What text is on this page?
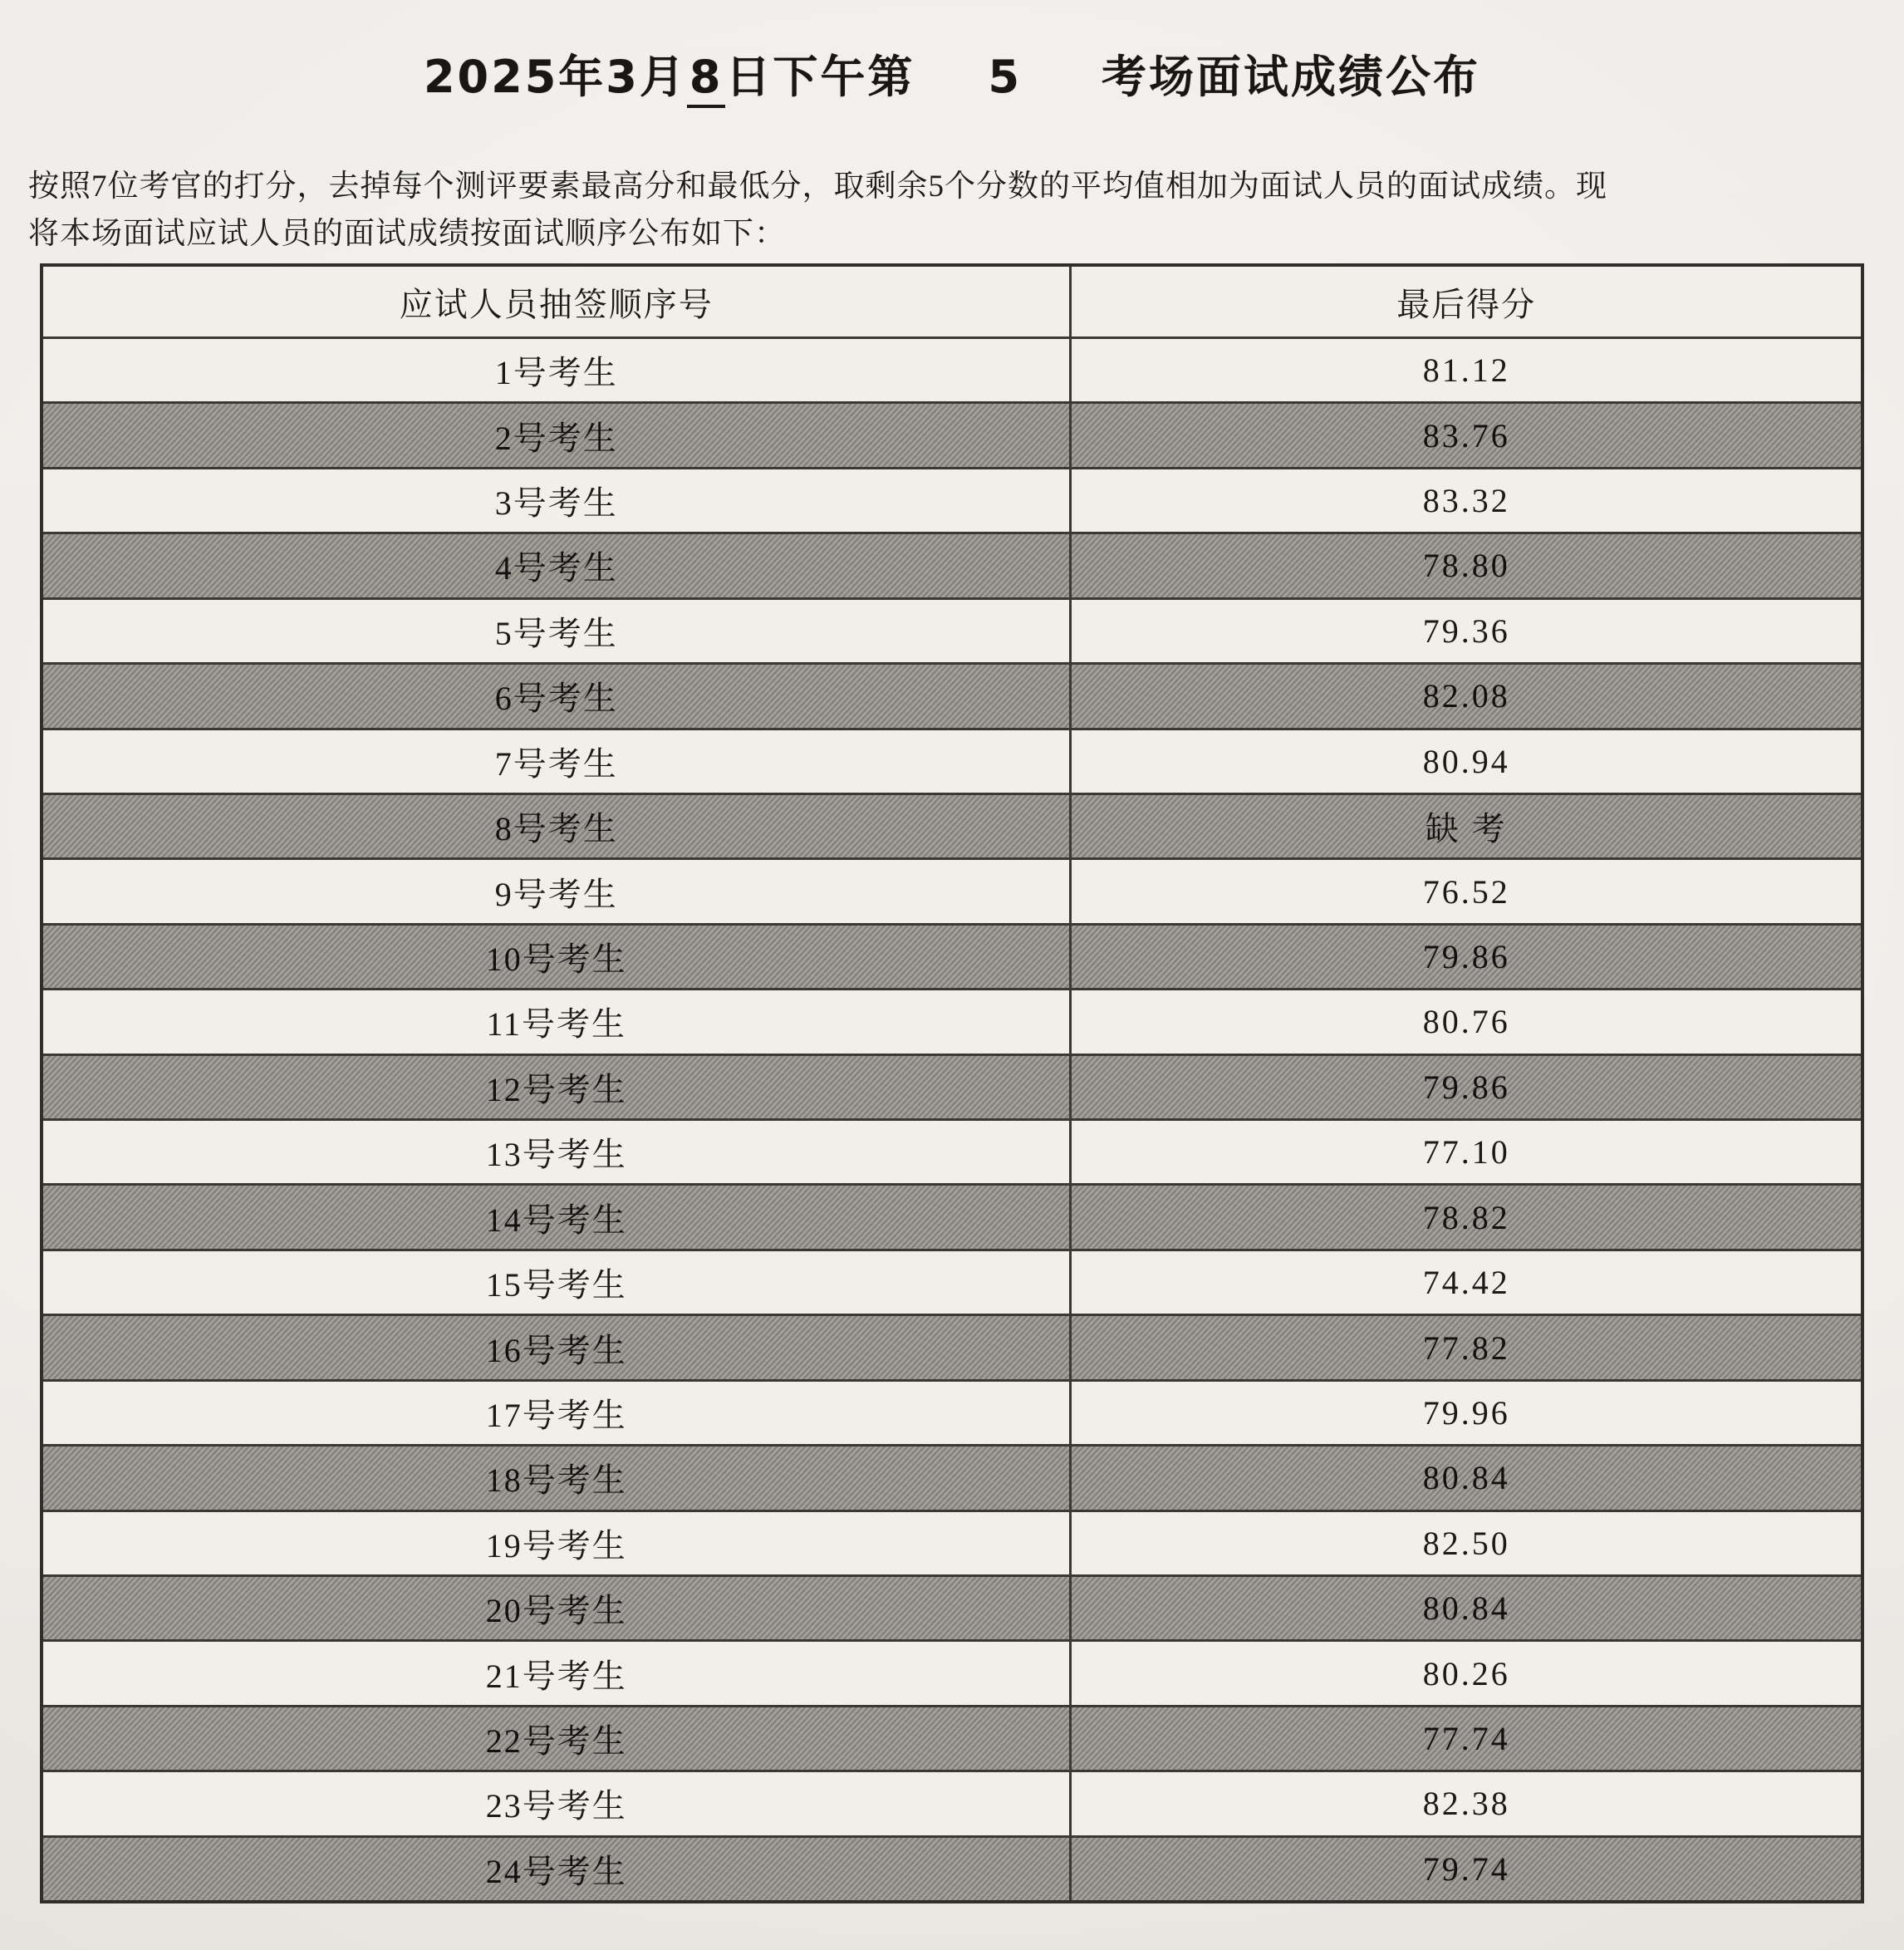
2025年3月8日下午第 5 考场面试成绩公布

按照7位考官的打分，去掉每个测评要素最高分和最低分，取剩余5个分数的平均值相加为面试人员的面试成绩。现

将本场面试应试人员的面试成绩按面试顺序公布如下：

应试人员抽签顺序号	最后得分
1号考生	81.12
2号考生	83.76
3号考生	83.32
4号考生	78.80
5号考生	79.36
6号考生	82.08
7号考生	80.94
8号考生	缺 考
9号考生	76.52
10号考生	79.86
11号考生	80.76
12号考生	79.86
13号考生	77.10
14号考生	78.82
15号考生	74.42
16号考生	77.82
17号考生	79.96
18号考生	80.84
19号考生	82.50
20号考生	80.84
21号考生	80.26
22号考生	77.74
23号考生	82.38
24号考生	79.74
